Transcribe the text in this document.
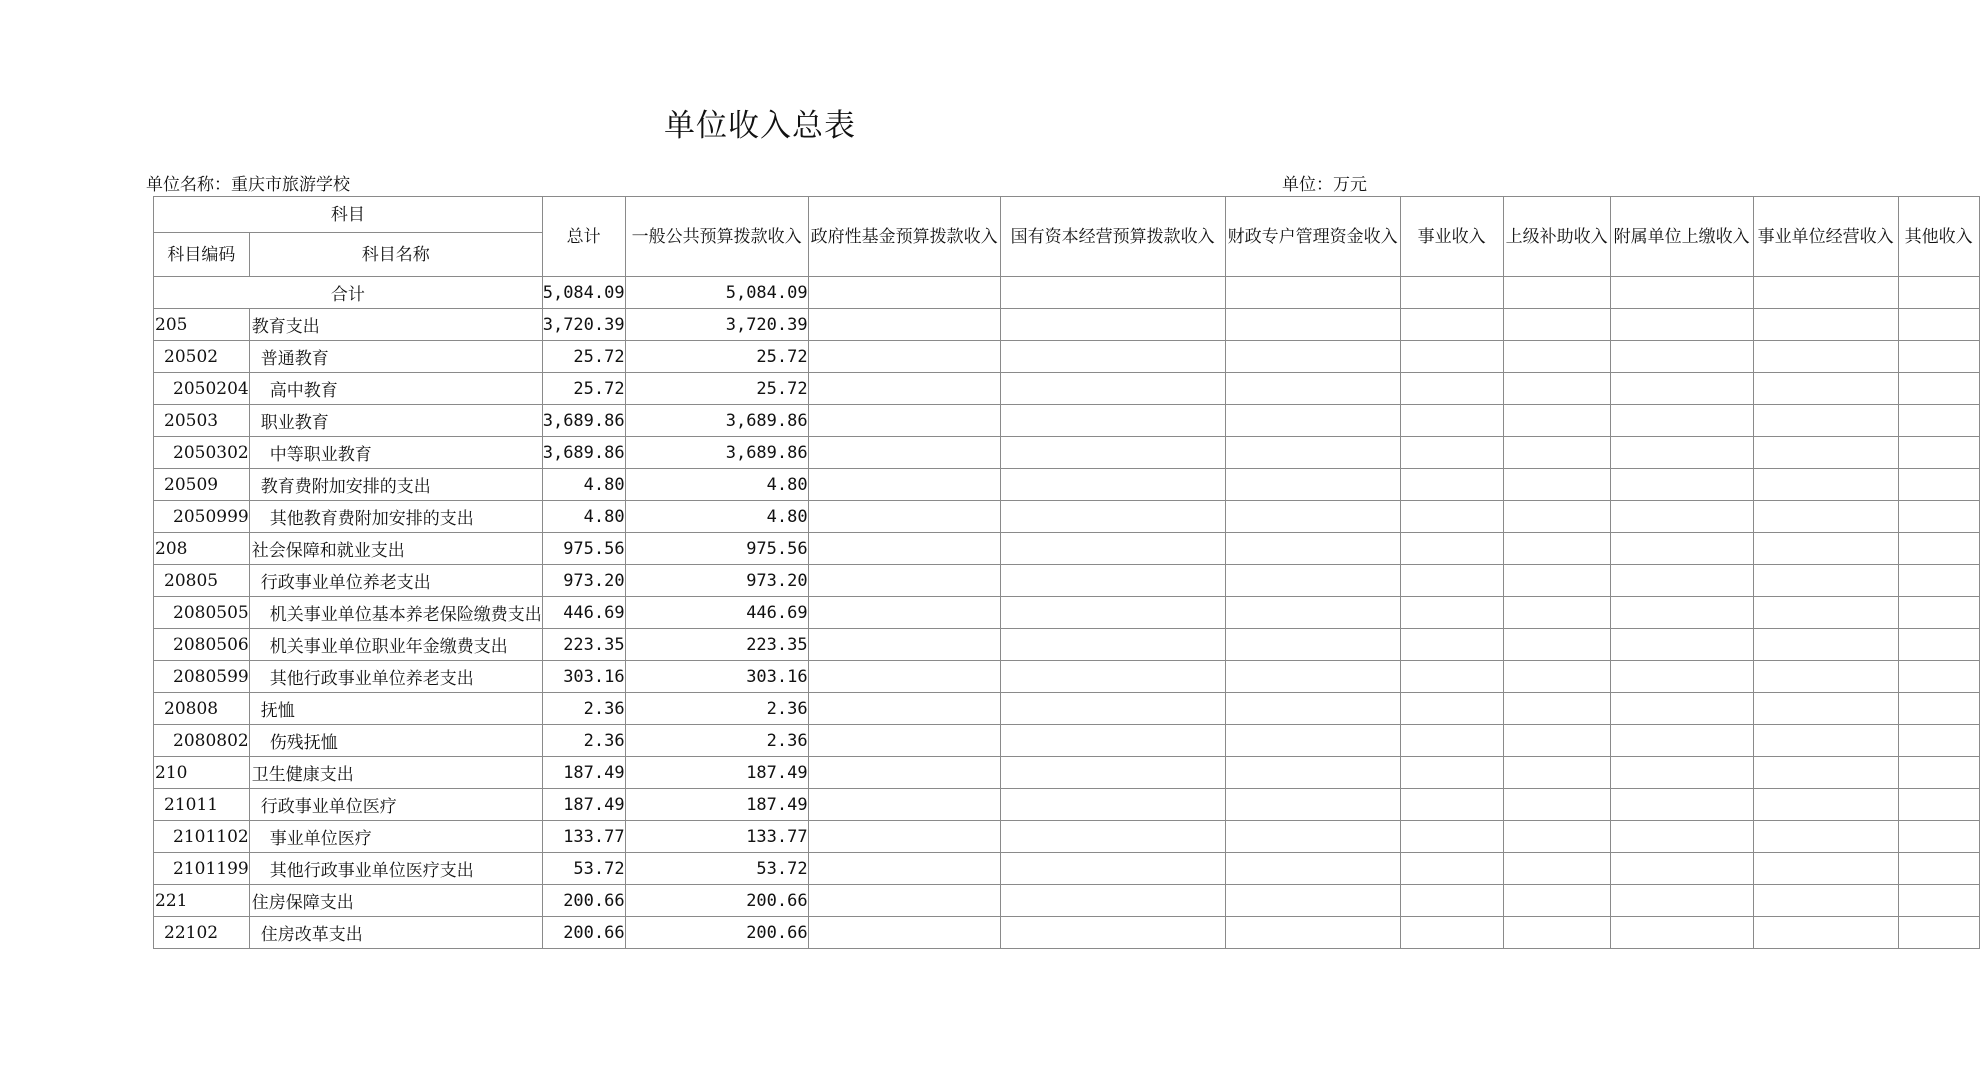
单位收入总表
单位名称：重庆市旅游学校	单位：万元
科目		总计	一般公共预算拨款收入	政府性基金预算拨款收入	国有资本经营预算拨款收入	财政专户管理资金收入	事业收入	上级补助收入	附属单位上缴收入	事业单位经营收入	其他收入
科目编码	科目名称										
合计		5,084.09	5,084.09								
205	教育支出	3,720.39	3,720.39								
20502	普通教育	25.72	25.72								
2050204	高中教育	25.72	25.72								
20503	职业教育	3,689.86	3,689.86								
2050302	中等职业教育	3,689.86	3,689.86								
20509	教育费附加安排的支出	4.80	4.80								
2050999	其他教育费附加安排的支出	4.80	4.80								
208	社会保障和就业支出	975.56	975.56								
20805	行政事业单位养老支出	973.20	973.20								
2080505	机关事业单位基本养老保险缴费支出	446.69	446.69								
2080506	机关事业单位职业年金缴费支出	223.35	223.35								
2080599	其他行政事业单位养老支出	303.16	303.16								
20808	抚恤	2.36	2.36								
2080802	伤残抚恤	2.36	2.36								
210	卫生健康支出	187.49	187.49								
21011	行政事业单位医疗	187.49	187.49								
2101102	事业单位医疗	133.77	133.77								
2101199	其他行政事业单位医疗支出	53.72	53.72								
221	住房保障支出	200.66	200.66								
22102	住房改革支出	200.66	200.66								
